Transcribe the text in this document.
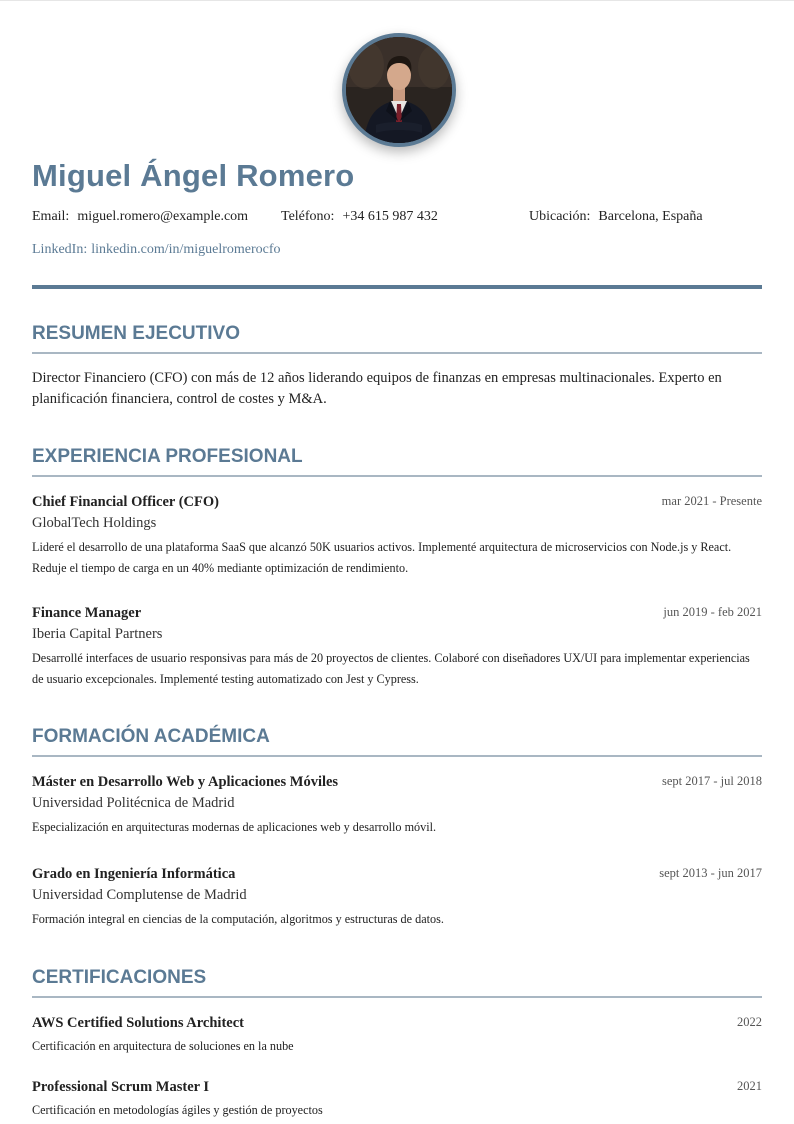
Miguel Ángel Romero
Email: miguel.romero@example.com Teléfono: +34 615 987 432	Ubicación: Barcelona, España
LinkedIn: linkedin.com/in/miguelromerocfo
RESUMEN EJECUTIVO

Director Financiero (CFO) con más de 12 años liderando equipos de finanzas en empresas multinacionales. Experto en planificación financiera, control de costes y M&A.

EXPERIENCIA PROFESIONAL
Chief Financial Officer (CFO)	mar 2021 - Presente
GlobalTech Holdings
Lideré el desarrollo de una plataforma SaaS que alcanzó 50K usuarios activos. Implementé arquitectura de microservicios con Node.js y React. Reduje el tiempo de carga en un 40% mediante optimización de rendimiento.
Finance Manager	jun 2019 - feb 2021
Iberia Capital Partners
Desarrollé interfaces de usuario responsivas para más de 20 proyectos de clientes. Colaboré con diseñadores UX/UI para implementar experiencias de usuario excepcionales. Implementé testing automatizado con Jest y Cypress.
FORMACIÓN ACADÉMICA
Máster en Desarrollo Web y Aplicaciones Móviles	sept 2017 - jul 2018
Universidad Politécnica de Madrid
Especialización en arquitecturas modernas de aplicaciones web y desarrollo móvil.
Grado en Ingeniería Informática	sept 2013 - jun 2017
Universidad Complutense de Madrid
Formación integral en ciencias de la computación, algoritmos y estructuras de datos.
CERTIFICACIONES
AWS Certified Solutions Architect	2022
Certificación en arquitectura de soluciones en la nube
Professional Scrum Master I	2021
Certificación en metodologías ágiles y gestión de proyectos
